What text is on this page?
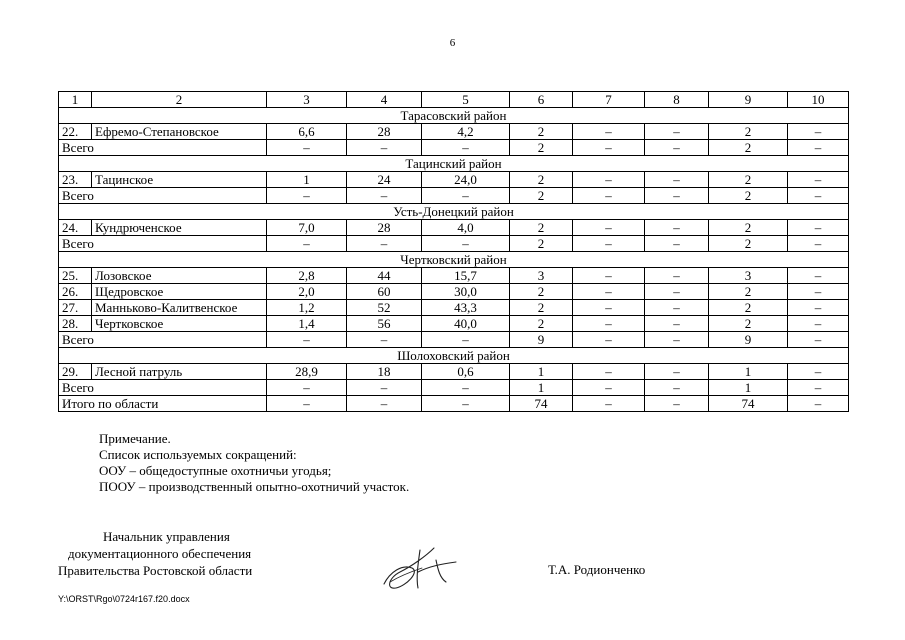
6
1	2	3	4	5	6	7	8	9	10
Тарасовский район									
22.	Ефремо-Степановское	6,6	28	4,2	2	–	–	2	–
Всего		–	–	–	2	–	–	2	–
Тацинский район									
23.	Тацинское	1	24	24,0	2	–	–	2	–
Всего		–	–	–	2	–	–	2	–
Усть-Донецкий район									
24.	Кундрюченское	7,0	28	4,0	2	–	–	2	–
Всего		–	–	–	2	–	–	2	–
Чертковский район									
25.	Лозовское	2,8	44	15,7	3	–	–	3	–
26.	Щедровское	2,0	60	30,0	2	–	–	2	–
27.	Манньково-Калитвенское	1,2	52	43,3	2	–	–	2	–
28.	Чертковское	1,4	56	40,0	2	–	–	2	–
Всего		–	–	–	9	–	–	9	–
Шолоховский район									
29.	Лесной патруль	28,9	18	0,6	1	–	–	1	–
Всего		–	–	–	1	–	–	1	–
Итого по области		–	–	–	74	–	–	74	–
Примечание.
Список используемых сокращений:
ООУ – общедоступные охотничьи угодья;
ПООУ – производственный опытно-охотничий участок.
Начальник управления
документационного обеспечения
Правительства Ростовской области	Т.А. Родионченко
Y:\ORST\Rgo\0724r167.f20.docx
